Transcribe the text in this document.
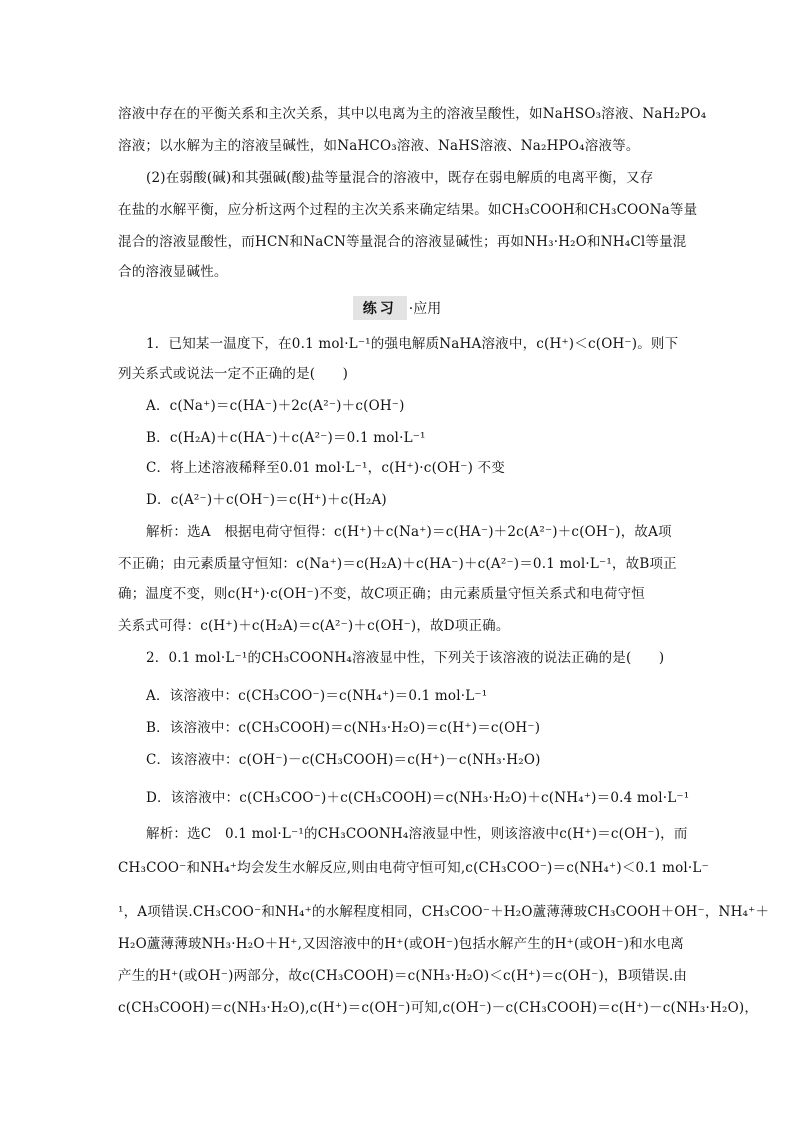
溶液中存在的平衡关系和主次关系，其中以电离为主的溶液呈酸性，如NaHSO₃溶液、NaH₂PO₄
溶液；以水解为主的溶液呈碱性，如NaHCO₃溶液、NaHS溶液、Na₂HPO₄溶液等。
(2)在弱酸(碱)和其强碱(酸)盐等量混合的溶液中，既存在弱电解质的电离平衡，又存
在盐的水解平衡，应分析这两个过程的主次关系来确定结果。如CH₃COOH和CH₃COONa等量
混合的溶液显酸性，而HCN和NaCN等量混合的溶液显碱性；再如NH₃·H₂O和NH₄Cl等量混
合的溶液显碱性。
1．已知某一温度下，在0.1 mol·L⁻¹的强电解质NaHA溶液中，c(H⁺)＜c(OH⁻)。则下
列关系式或说法一定不正确的是(　　)
A．c(Na⁺)＝c(HA⁻)＋2c(A²⁻)＋c(OH⁻)
B．c(H₂A)＋c(HA⁻)＋c(A²⁻)＝0.1 mol·L⁻¹
C．将上述溶液稀释至0.01 mol·L⁻¹，c(H⁺)·c(OH⁻) 不变
D．c(A²⁻)＋c(OH⁻)＝c(H⁺)＋c(H₂A)
解析：选A　根据电荷守恒得：c(H⁺)＋c(Na⁺)＝c(HA⁻)＋2c(A²⁻)＋c(OH⁻)，故A项
不正确；由元素质量守恒知：c(Na⁺)＝c(H₂A)＋c(HA⁻)＋c(A²⁻)＝0.1 mol·L⁻¹，故B项正
确；温度不变，则c(H⁺)·c(OH⁻)不变，故C项正确；由元素质量守恒关系式和电荷守恒
关系式可得：c(H⁺)＋c(H₂A)＝c(A²⁻)＋c(OH⁻)，故D项正确。
2．0.1 mol·L⁻¹的CH₃COONH₄溶液显中性，下列关于该溶液的说法正确的是(　　)
A．该溶液中：c(CH₃COO⁻)＝c(NH₄⁺)＝0.1 mol·L⁻¹
B．该溶液中：c(CH₃COOH)＝c(NH₃·H₂O)＝c(H⁺)＝c(OH⁻)
C．该溶液中：c(OH⁻)－c(CH₃COOH)＝c(H⁺)－c(NH₃·H₂O)
D．该溶液中：c(CH₃COO⁻)＋c(CH₃COOH)＝c(NH₃·H₂O)＋c(NH₄⁺)＝0.4 mol·L⁻¹
解析：选C　0.1 mol·L⁻¹的CH₃COONH₄溶液显中性，则该溶液中c(H⁺)＝c(OH⁻)，而
CH₃COO⁻和NH₄⁺均会发生水解反应,则由电荷守恒可知,c(CH₃COO⁻)＝c(NH₄⁺)＜0.1 mol·L⁻
¹，A项错误.CH₃COO⁻和NH₄⁺的水解程度相同，CH₃COO⁻＋H₂O蘆薄薄玻CH₃COOH＋OH⁻，NH₄⁺＋
H₂O蘆薄薄玻NH₃·H₂O＋H⁺,又因溶液中的H⁺(或OH⁻)包括水解产生的H⁺(或OH⁻)和水电离
产生的H⁺(或OH⁻)两部分，故c(CH₃COOH)＝c(NH₃·H₂O)＜c(H⁺)＝c(OH⁻)，B项错误.由
c(CH₃COOH)＝c(NH₃·H₂O),c(H⁺)＝c(OH⁻)可知,c(OH⁻)－c(CH₃COOH)＝c(H⁺)－c(NH₃·H₂O)，
练习 ·应用
